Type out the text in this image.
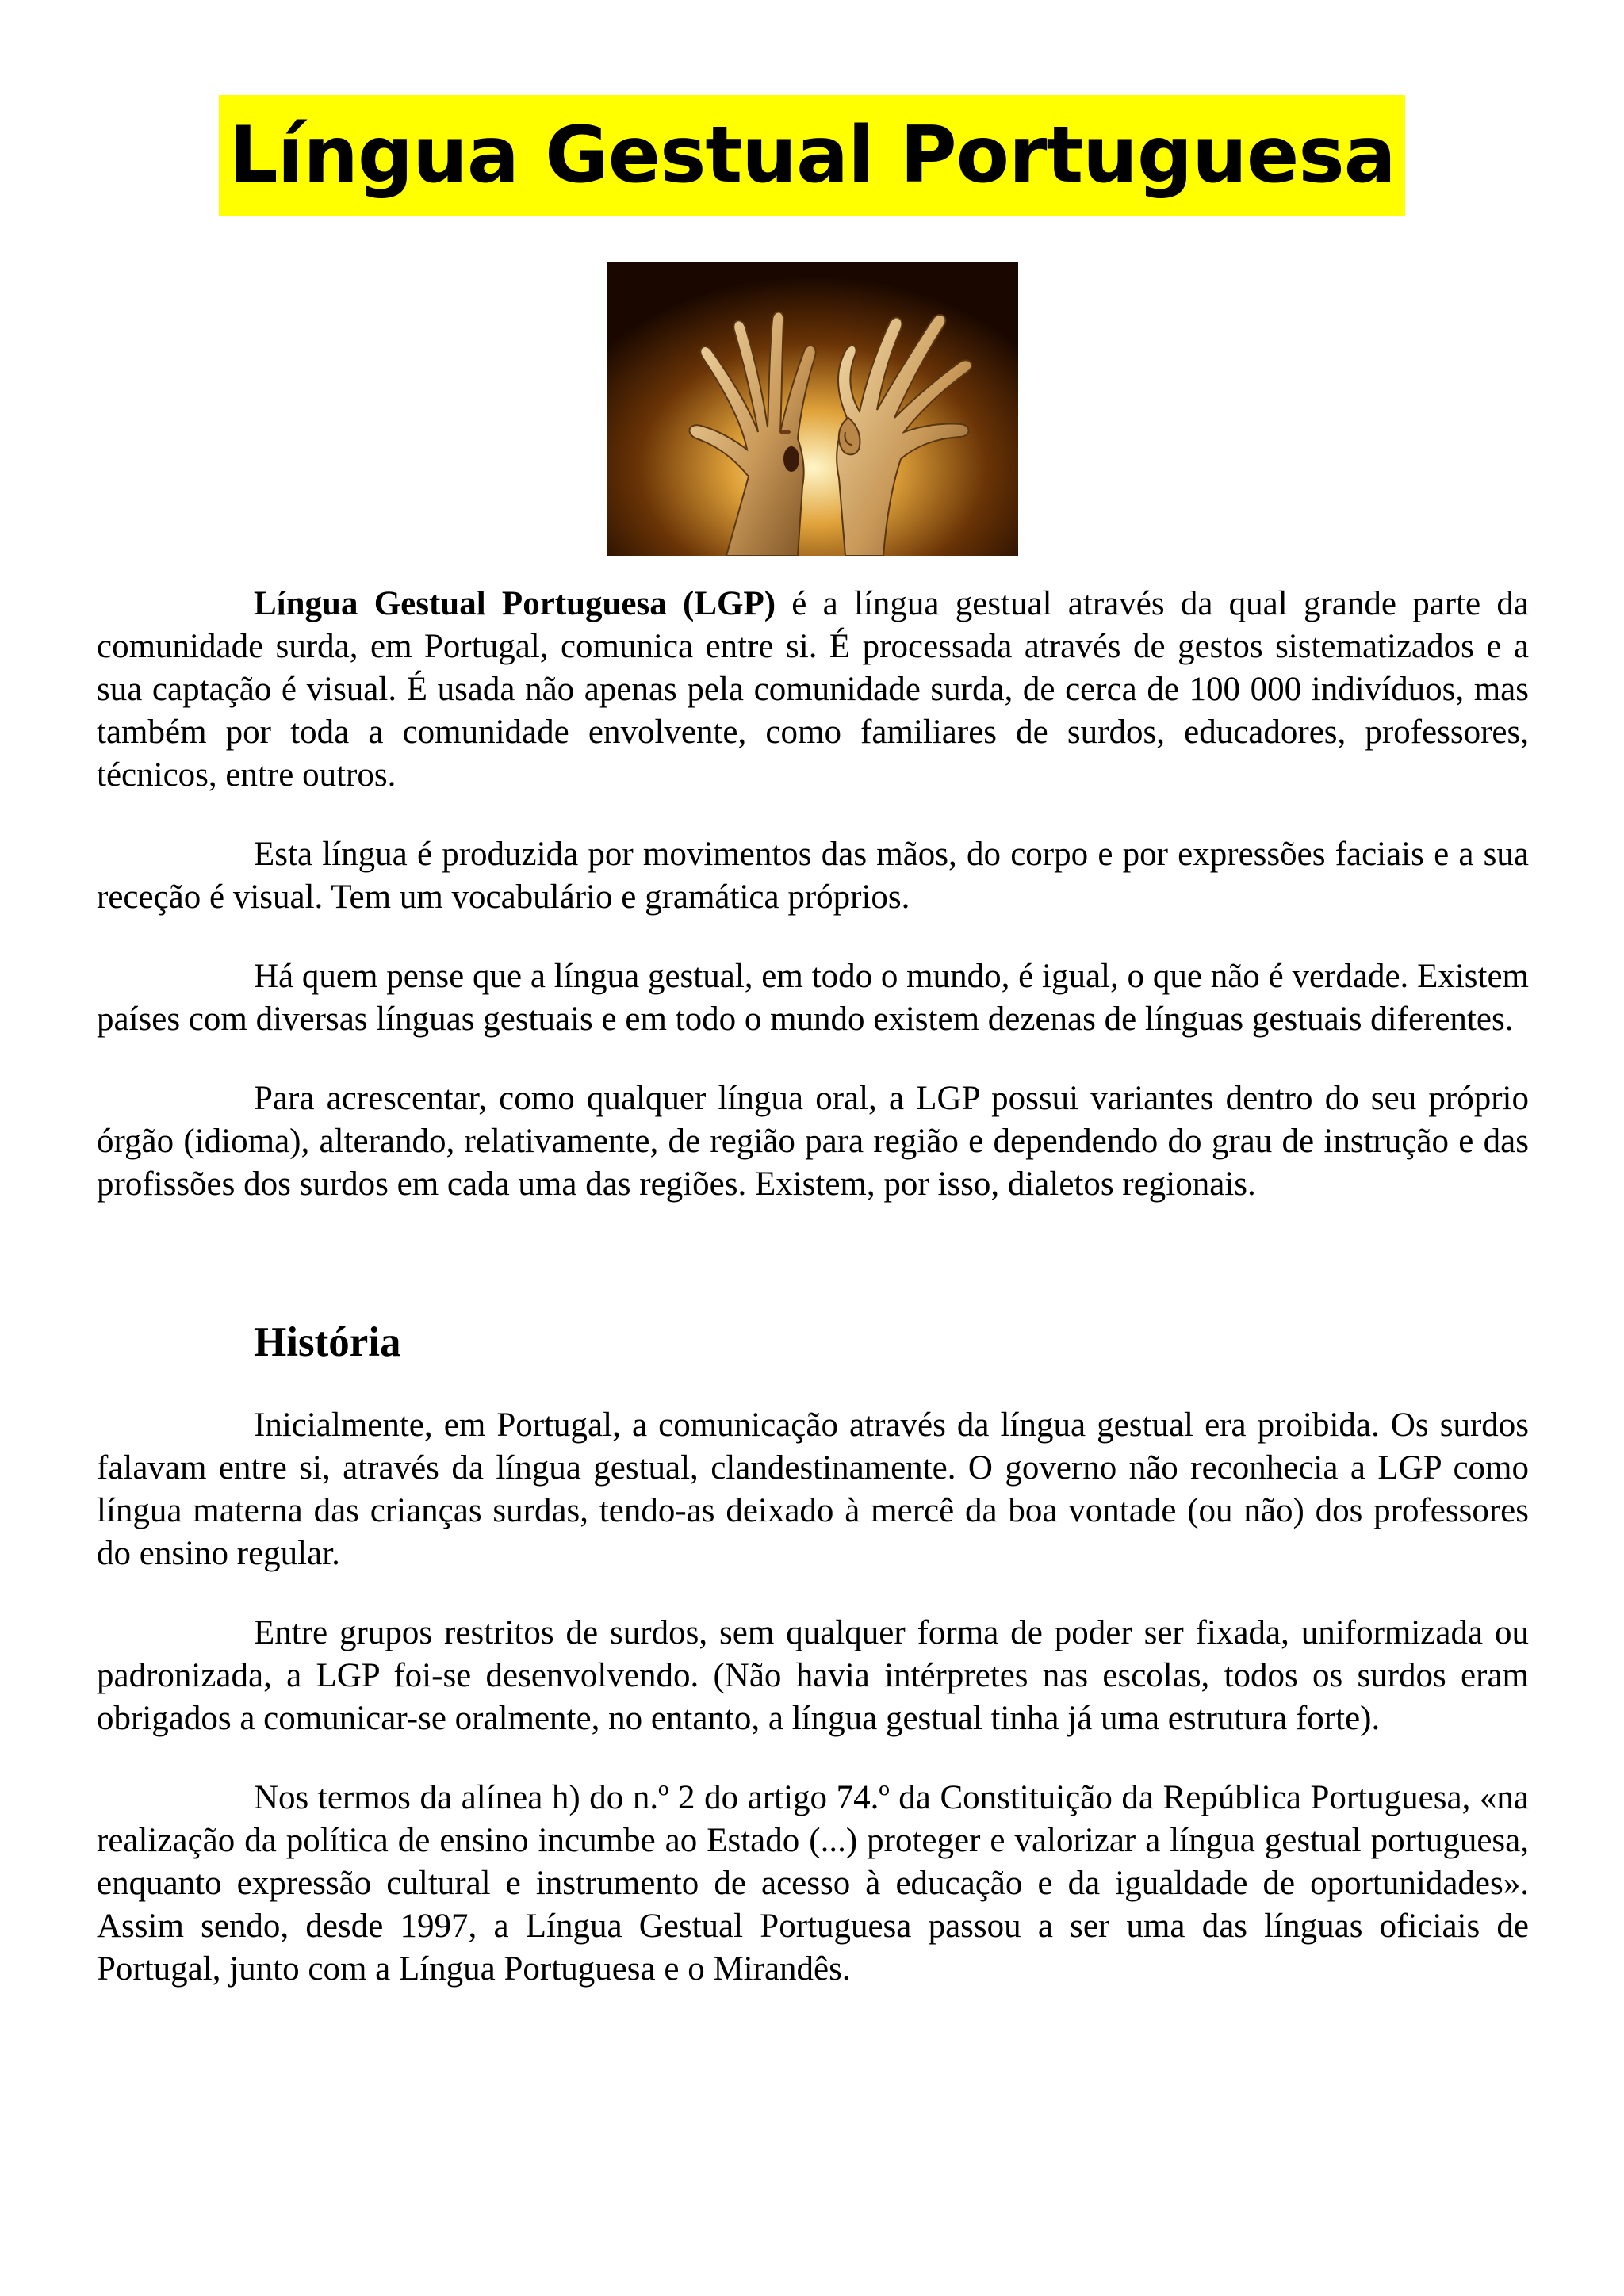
Língua Gestual Portuguesa

Língua Gestual Portuguesa (LGP) é a língua gestual através da qual grande parte da comunidade surda, em Portugal, comunica entre si. É processada através de gestos sistematizados e a sua captação é visual. É usada não apenas pela comunidade surda, de cerca de 100 000 indivíduos, mas também por toda a comunidade envolvente, como familiares de surdos, educadores, professores, técnicos, entre outros.

Esta língua é produzida por movimentos das mãos, do corpo e por expressões faciais e a sua receção é visual. Tem um vocabulário e gramática próprios.

Há quem pense que a língua gestual, em todo o mundo, é igual, o que não é verdade. Existem países com diversas línguas gestuais e em todo o mundo existem dezenas de línguas gestuais diferentes.

Para acrescentar, como qualquer língua oral, a LGP possui variantes dentro do seu próprio órgão (idioma), alterando, relativamente, de região para região e dependendo do grau de instrução e das profissões dos surdos em cada uma das regiões. Existem, por isso, dialetos regionais.

História

Inicialmente, em Portugal, a comunicação através da língua gestual era proibida. Os surdos falavam entre si, através da língua gestual, clandestinamente. O governo não reconhecia a LGP como língua materna das crianças surdas, tendo-as deixado à mercê da boa vontade (ou não) dos professores do ensino regular.

Entre grupos restritos de surdos, sem qualquer forma de poder ser fixada, uniformizada ou padronizada, a LGP foi-se desenvolvendo. (Não havia intérpretes nas escolas, todos os surdos eram obrigados a comunicar-se oralmente, no entanto, a língua gestual tinha já uma estrutura forte).

Nos termos da alínea h) do n.º 2 do artigo 74.º da Constituição da República Portuguesa, «na realização da política de ensino incumbe ao Estado (...) proteger e valorizar a língua gestual portuguesa, enquanto expressão cultural e instrumento de acesso à educação e da igualdade de oportunidades». Assim sendo, desde 1997, a Língua Gestual Portuguesa passou a ser uma das línguas oficiais de Portugal, junto com a Língua Portuguesa e o Mirandês.
